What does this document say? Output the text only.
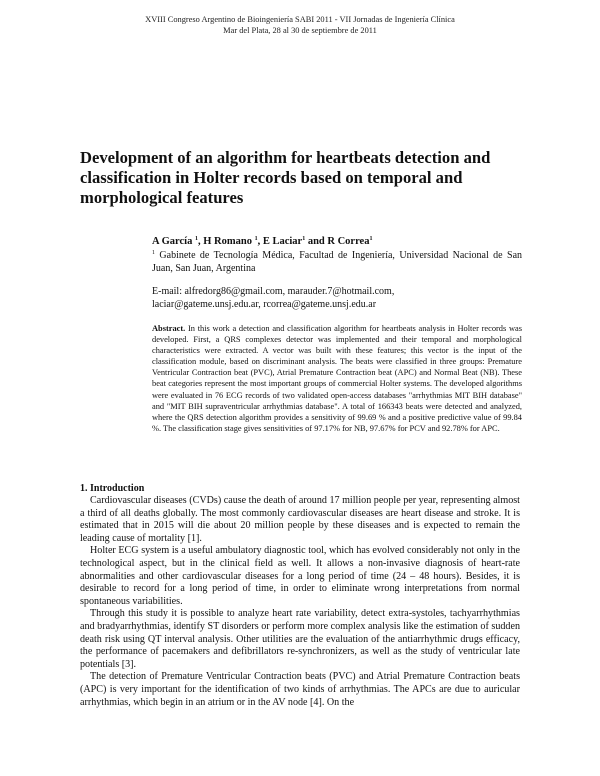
XVIII Congreso Argentino de Bioingeniería SABI 2011 - VII Jornadas de Ingeniería Clínica
Mar del Plata, 28 al 30 de septiembre de 2011
Development of an algorithm for heartbeats detection and classification in Holter records based on temporal and morphological features
A García $^1$, H Romano $^1$, E Laciar$^1$ and R Correa$^1$
$^1$ Gabinete de Tecnología Médica, Facultad de Ingeniería, Universidad Nacional de San Juan, San Juan, Argentina
E-mail: alfredorg86@gmail.com, marauder.7@hotmail.com,
laciar@gateme.unsj.edu.ar, rcorrea@gateme.unsj.edu.ar
Abstract. In this work a detection and classification algorithm for heartbeats analysis in Holter records was developed. First, a QRS complexes detector was implemented and their temporal and morphological characteristics were extracted. A vector was built with these features; this vector is the input of the classification module, based on discriminant analysis. The beats were classified in three groups: Premature Ventricular Contraction beat (PVC), Atrial Premature Contraction beat (APC) and Normal Beat (NB). These beat categories represent the most important groups of commercial Holter systems. The developed algorithms were evaluated in 76 ECG records of two validated open-access databases "arrhythmias MIT BIH database" and "MIT BIH supraventricular arrhythmias database". A total of 166343 beats were detected and analyzed, where the QRS detection algorithm provides a sensitivity of 99.69 % and a positive predictive value of 99.84 %. The classification stage gives sensitivities of 97.17% for NB, 97.67% for PCV and 92.78% for APC.
1. Introduction

Cardiovascular diseases (CVDs) cause the death of around 17 million people per year, representing almost a third of all deaths globally. The most commonly cardiovascular diseases are heart disease and stroke. It is estimated that in 2015 will die about 20 million people by these diseases and is expected to remain the leading cause of mortality [1].

Holter ECG system is a useful ambulatory diagnostic tool, which has evolved considerably not only in the technological aspect, but in the clinical field as well. It allows a non-invasive diagnosis of heart-rate abnormalities and other cardiovascular diseases for a long period of time (24 – 48 hours). Besides, it is desirable to record for a long period of time, in order to eliminate wrong interpretations from normal spontaneous variabilities.

Through this study it is possible to analyze heart rate variability, detect extra-systoles, tachyarrhythmias and bradyarrhythmias, identify ST disorders or perform more complex analysis like the estimation of sudden death risk using QT interval analysis. Other utilities are the evaluation of the antiarrhythmic drugs efficacy, the performance of pacemakers and defibrillators re-synchronizers, as well as the study of ventricular late potentials [3].

The detection of Premature Ventricular Contraction beats (PVC) and Atrial Premature Contraction beats (APC) is very important for the identification of two kinds of arrhythmias. The APCs are due to auricular arrhythmias, which begin in an atrium or in the AV node [4]. On the
